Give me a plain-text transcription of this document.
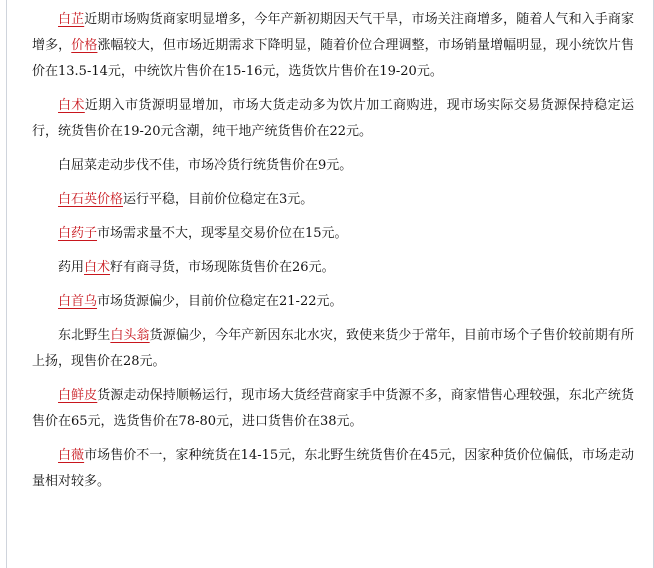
白芷近期市场购货商家明显增多，今年产新初期因天气干旱，市场关注商增多，随着人气和入手商家增多，价格涨幅较大，但市场近期需求下降明显，随着价位合理调整，市场销量增幅明显，现小统饮片售价在13.5-14元，中统饮片售价在15-16元，选货饮片售价在19-20元。

白术近期入市货源明显增加，市场大货走动多为饮片加工商购进，现市场实际交易货源保持稳定运行，统货售价在19-20元含潮，纯干地产统货售价在22元。

白屈菜走动步伐不佳，市场冷货行统货售价在9元。

白石英价格运行平稳，目前价位稳定在3元。

白药子市场需求量不大，现零星交易价位在15元。

药用白术籽有商寻货，市场现陈货售价在26元。

白首乌市场货源偏少，目前价位稳定在21-22元。

东北野生白头翁货源偏少，今年产新因东北水灾，致使来货少于常年，目前市场个子售价较前期有所上扬，现售价在28元。

白鲜皮货源走动保持顺畅运行，现市场大货经营商家手中货源不多，商家惜售心理较强，东北产统货售价在65元，选货售价在78-80元，进口货售价在38元。

白薇市场售价不一，家种统货在14-15元，东北野生统货售价在45元，因家种货价位偏低，市场走动量相对较多。
